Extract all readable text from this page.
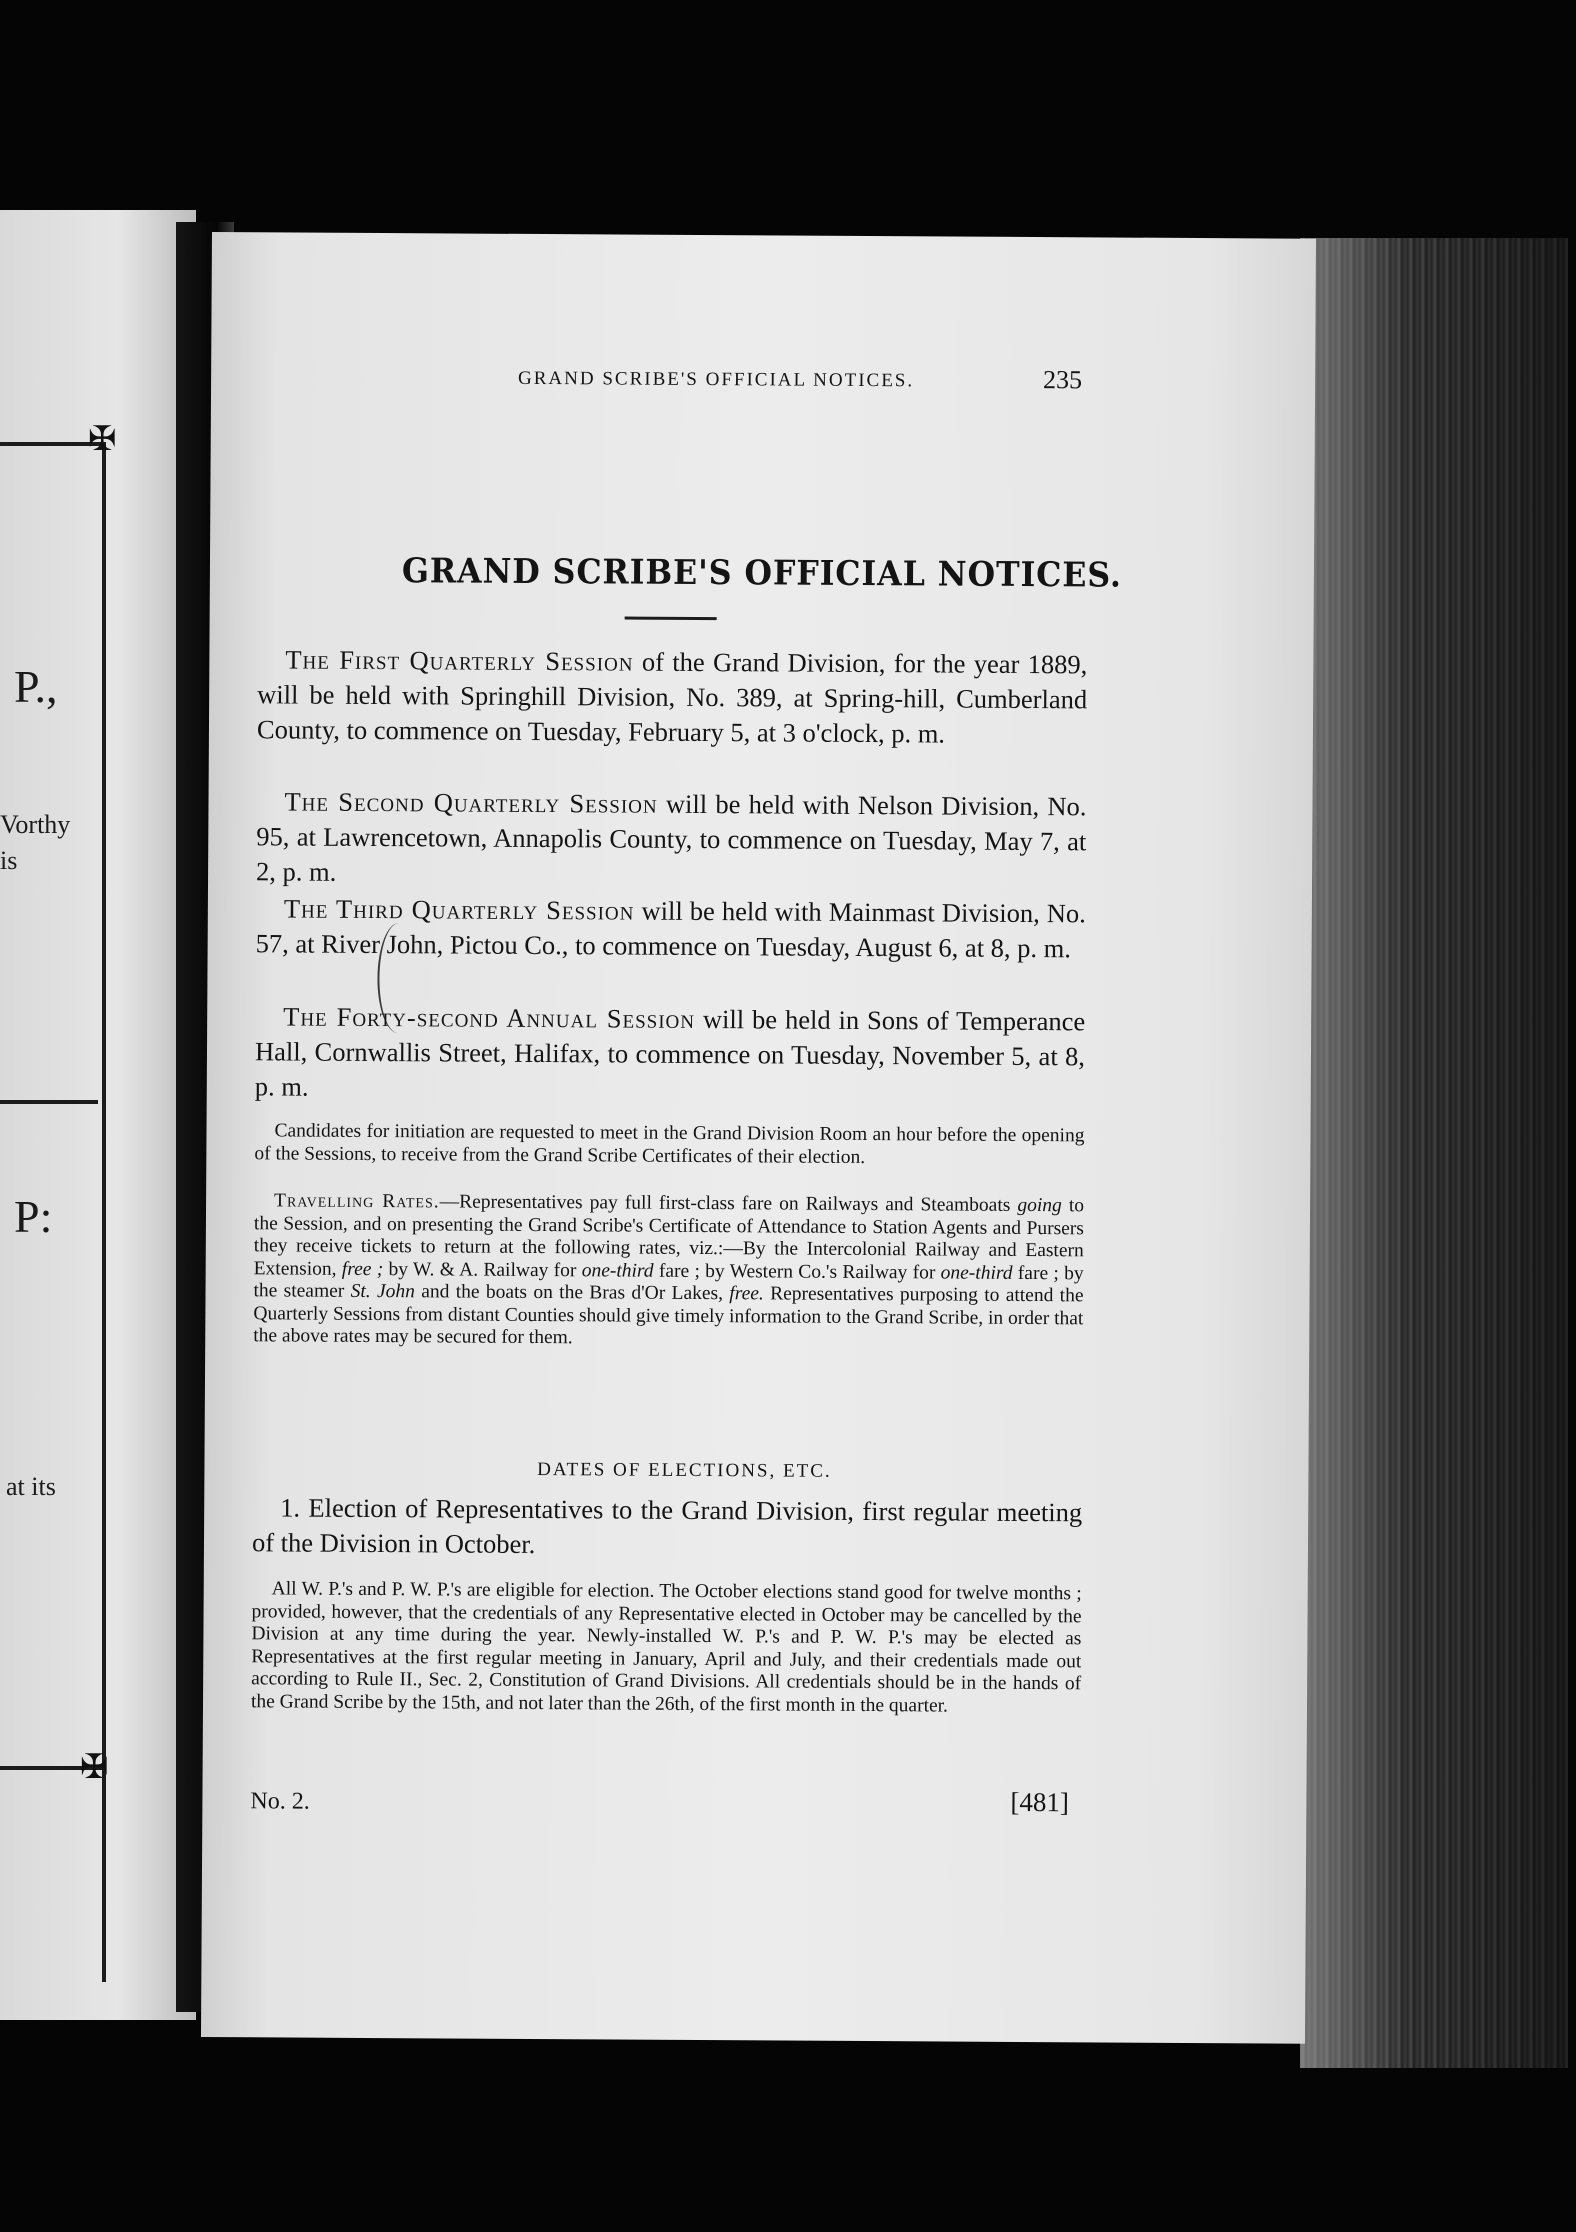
✠
✠
P.,
Vorthy
is
P:
at its
GRAND SCRIBE'S OFFICIAL NOTICES.	235
GRAND SCRIBE'S OFFICIAL NOTICES.
The First Quarterly Session of the Grand Division, for the year 1889, will be held with Springhill Division, No. 389, at Spring-hill, Cumberland County, to commence on Tuesday, February 5, at 3 o'clock, p. m.
The Second Quarterly Session will be held with Nelson Division, No. 95, at Lawrencetown, Annapolis County, to commence on Tuesday, May 7, at 2, p. m.
The Third Quarterly Session will be held with Mainmast Division, No. 57, at River John, Pictou Co., to commence on Tuesday, August 6, at 8, p. m.
The Forty-second Annual Session will be held in Sons of Temperance Hall, Cornwallis Street, Halifax, to commence on Tuesday, November 5, at 8, p. m.
Candidates for initiation are requested to meet in the Grand Division Room an hour before the opening of the Sessions, to receive from the Grand Scribe Certificates of their election.
Travelling Rates.—Representatives pay full first-class fare on Railways and Steamboats going to the Session, and on presenting the Grand Scribe's Certificate of Attendance to Station Agents and Pursers they receive tickets to return at the following rates, viz.:—By the Intercolonial Railway and Eastern Extension, free ; by W. & A. Railway for one-third fare ; by Western Co.'s Railway for one-third fare ; by the steamer St. John and the boats on the Bras d'Or Lakes, free. Representatives purposing to attend the Quarterly Sessions from distant Counties should give timely information to the Grand Scribe, in order that the above rates may be secured for them.
DATES OF ELECTIONS, ETC.
1. Election of Representatives to the Grand Division, first regular meeting of the Division in October.
All W. P.'s and P. W. P.'s are eligible for election. The October elections stand good for twelve months ; provided, however, that the credentials of any Representative elected in October may be cancelled by the Division at any time during the year. Newly-installed W. P.'s and P. W. P.'s may be elected as Representatives at the first regular meeting in January, April and July, and their credentials made out according to Rule II., Sec. 2, Constitution of Grand Divisions. All credentials should be in the hands of the Grand Scribe by the 15th, and not later than the 26th, of the first month in the quarter.
No. 2.	[481]
